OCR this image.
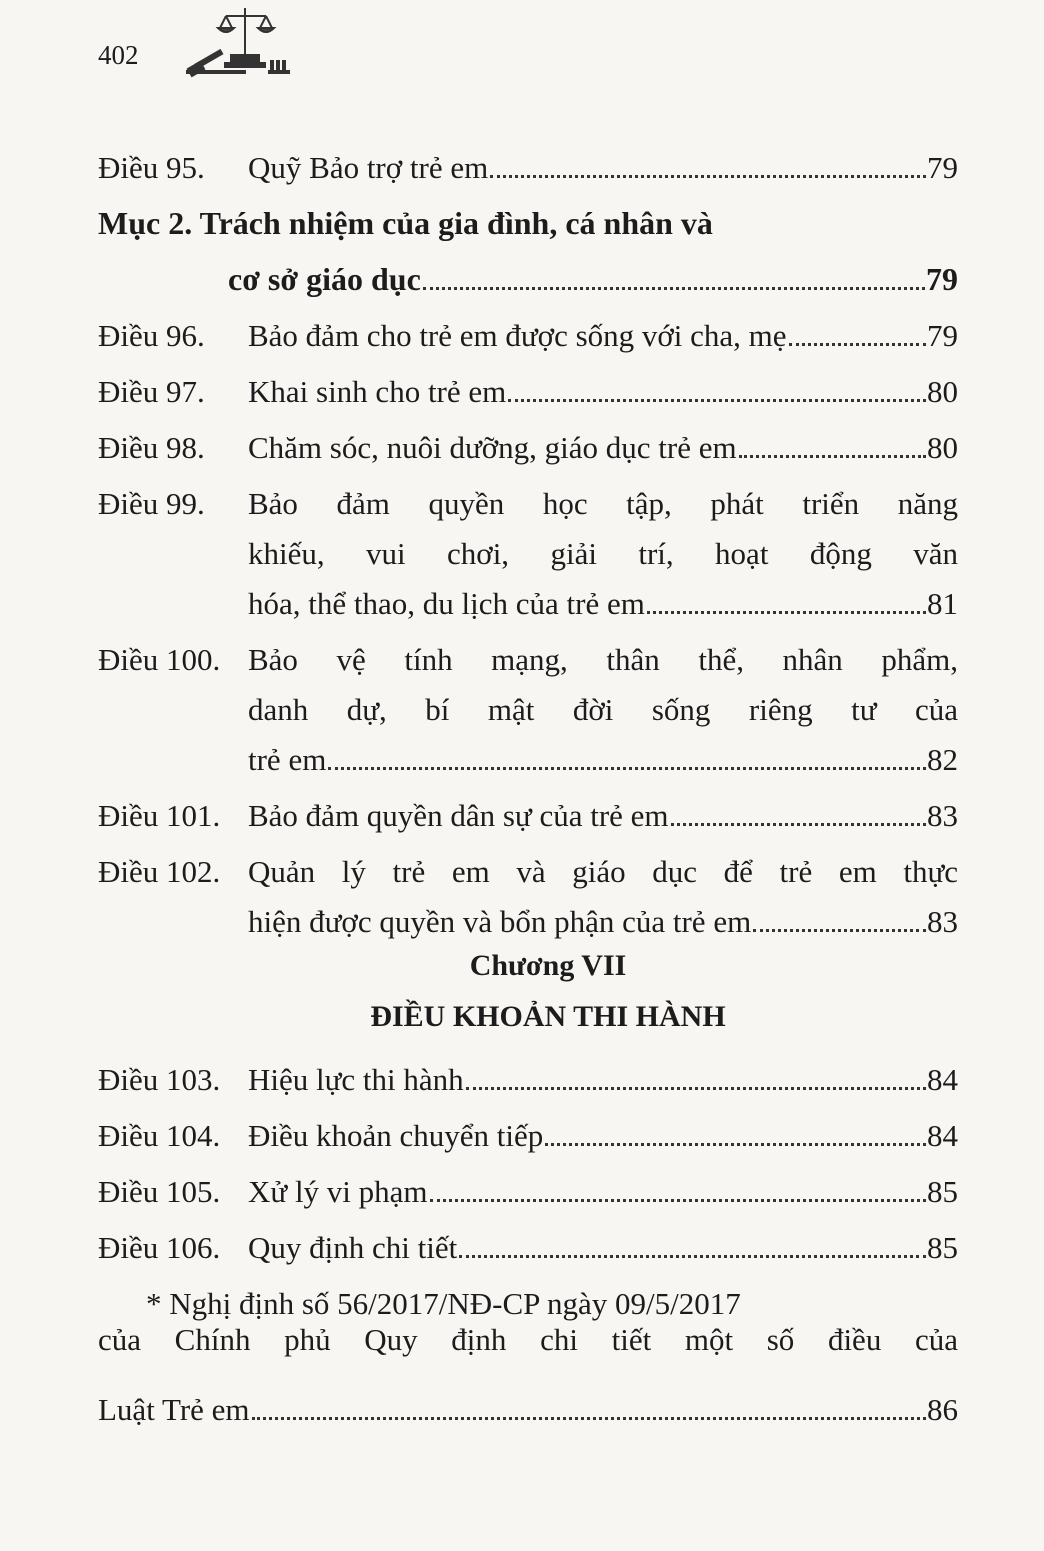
402
Điều 95.	Quỹ Bảo trợ trẻ em	79
Mục 2. Trách nhiệm của gia đình, cá nhân và
cơ sở giáo dục	79
Điều 96.	Bảo đảm cho trẻ em được sống với cha, mẹ	79
Điều 97.	Khai sinh cho trẻ em	80
Điều 98.	Chăm sóc, nuôi dưỡng, giáo dục trẻ em	80
Điều 99.	Bảo đảm quyền học tập, phát triển năng
khiếu, vui chơi, giải trí, hoạt động văn
hóa, thể thao, du lịch của trẻ em	81
Điều 100. Bảo vệ tính mạng, thân thể, nhân phẩm,
danh dự, bí mật đời sống riêng tư của
trẻ em	82
Điều 101. Bảo đảm quyền dân sự của trẻ em	83
Điều 102. Quản lý trẻ em và giáo dục để trẻ em thực
hiện được quyền và bổn phận của trẻ em	83
Chương VII
ĐIỀU KHOẢN THI HÀNH
Điều 103. Hiệu lực thi hành	84
Điều 104. Điều khoản chuyển tiếp	84
Điều 105. Xử lý vi phạm	85
Điều 106. Quy định chi tiết	85
* Nghị định số 56/2017/NĐ-CP ngày 09/5/2017
của Chính phủ Quy định chi tiết một số điều của
Luật Trẻ em	86
